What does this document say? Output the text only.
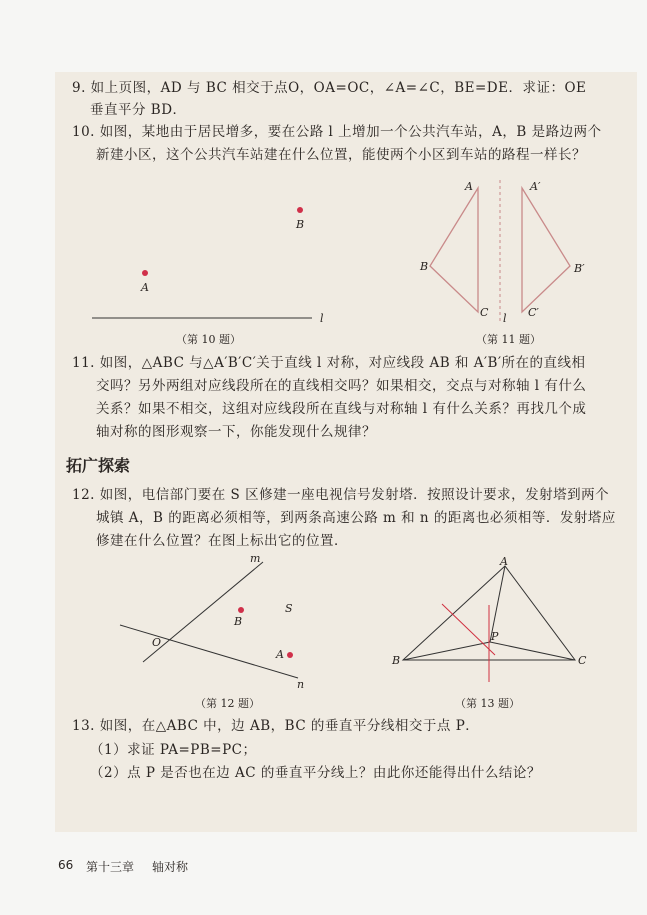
9. 如上页图，AD 与 BC 相交于点O，OA=OC，∠A=∠C，BE=DE．求证：OE
垂直平分 BD．
10. 如图，某地由于居民增多，要在公路 l 上增加一个公共汽车站，A，B 是路边两个
新建小区，这个公共汽车站建在什么位置，能使两个小区到车站的路程一样长？
B
A
l
A
B
C
A′
B′
C′
l
m
n
O
B
S
A
A
B	C
P
（第 10 题）	（第 11 题）
11. 如图，△ABC 与△A′B′C′关于直线 l 对称，对应线段 AB 和 A′B′所在的直线相
交吗？另外两组对应线段所在的直线相交吗？如果相交，交点与对称轴 l 有什么
关系？如果不相交，这组对应线段所在直线与对称轴 l 有什么关系？再找几个成
轴对称的图形观察一下，你能发现什么规律？
拓广探索
12. 如图，电信部门要在 S 区修建一座电视信号发射塔．按照设计要求，发射塔到两个
城镇 A，B 的距离必须相等，到两条高速公路 m 和 n 的距离也必须相等．发射塔应
修建在什么位置？在图上标出它的位置．
（第 12 题）	（第 13 题）
13. 如图，在△ABC 中，边 AB，BC 的垂直平分线相交于点 P．
（1）求证 PA=PB=PC；
（2）点 P 是否也在边 AC 的垂直平分线上？由此你还能得出什么结论？
66 第十三章 轴对称
